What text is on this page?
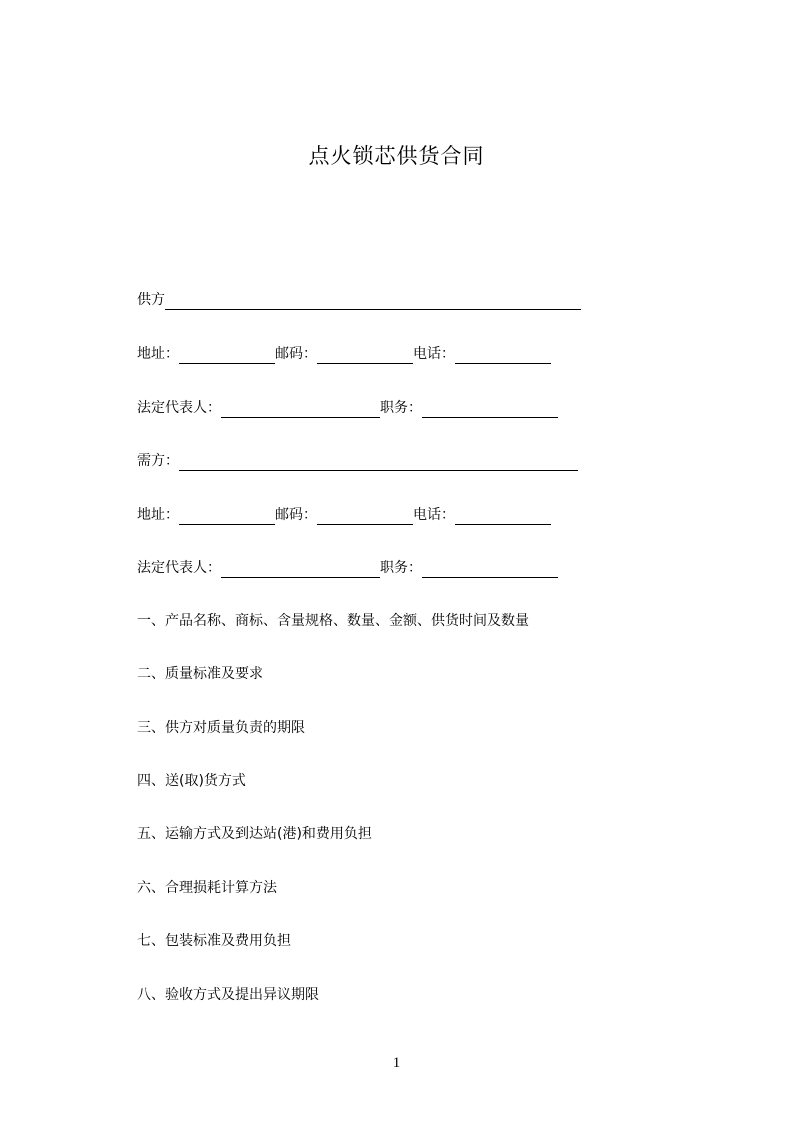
点火锁芯供货合同
供方
地址：	邮码：	电话：
法定代表人：	职务：
需方：
地址：	邮码：	电话：
法定代表人：	职务：
一、产品名称、商标、含量规格、数量、金额、供货时间及数量
二、质量标准及要求
三、供方对质量负责的期限
四、送(取)货方式
五、运输方式及到达站(港)和费用负担
六、合理损耗计算方法
七、包装标准及费用负担
八、验收方式及提出异议期限
1
